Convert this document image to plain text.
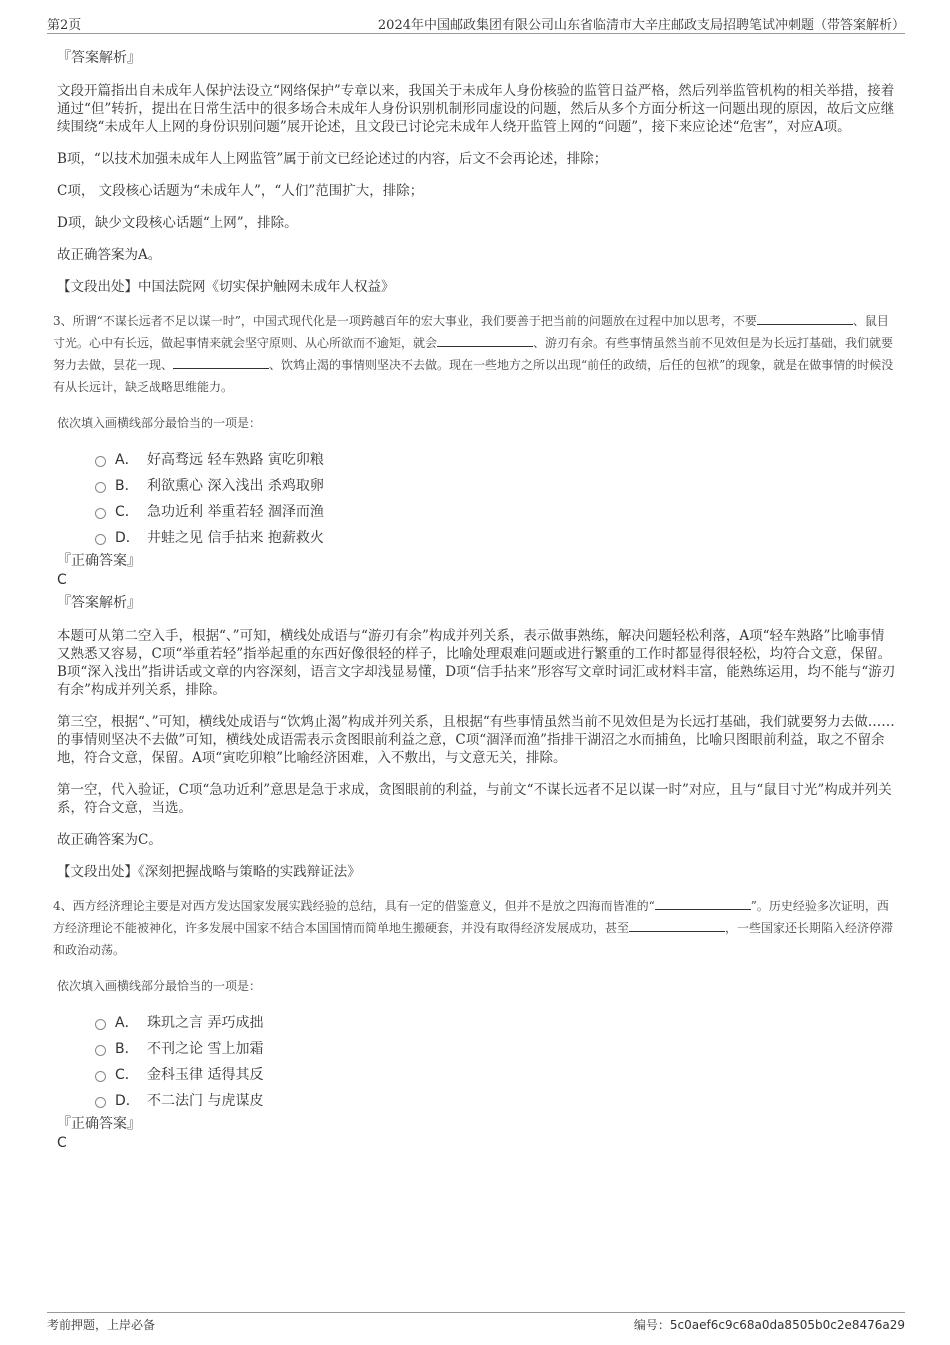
第2页	2024年中国邮政集团有限公司山东省临清市大辛庄邮政支局招聘笔试冲刺题（带答案解析）
『答案解析』
文段开篇指出自未成年人保护法设立“网络保护”专章以来，我国关于未成年人身份核验的监管日益严格，然后列举监管机构的相关举措，接着通过“但”转折，提出在日常生活中的很多场合未成年人身份识别机制形同虚设的问题，然后从多个方面分析这一问题出现的原因，故后文应继续围绕“未成年人上网的身份识别问题”展开论述，且文段已讨论完未成年人绕开监管上网的“问题”，接下来应论述“危害”，对应A项。
B项，“以技术加强未成年人上网监管”属于前文已经论述过的内容，后文不会再论述，排除；
C项， 文段核心话题为“未成年人”，“人们”范围扩大，排除；
D项，缺少文段核心话题“上网”，排除。
故正确答案为A。
【文段出处】中国法院网《切实保护触网未成年人权益》
3、所谓“不谋长远者不足以谋一时”，中国式现代化是一项跨越百年的宏大事业，我们要善于把当前的问题放在过程中加以思考，不要	、鼠目寸光。心中有长远，做起事情来就会坚守原则、从心所欲而不逾矩，就会	、游刃有余。有些事情虽然当前不见效但是为长远打基础，我们就要努力去做，昙花一现、	、饮鸩止渴的事情则坚决不去做。现在一些地方之所以出现“前任的政绩，后任的包袱”的现象，就是在做事情的时候没有从长远计，缺乏战略思维能力。
依次填入画横线部分最恰当的一项是：
A． 好高骛远 轻车熟路 寅吃卯粮
B． 利欲熏心 深入浅出 杀鸡取卵
C． 急功近利 举重若轻 涸泽而渔
D． 井蛙之见 信手拈来 抱薪救火
『正确答案』
C
『答案解析』
本题可从第二空入手，根据“、”可知，横线处成语与“游刃有余”构成并列关系，表示做事熟练，解决问题轻松利落，A项“轻车熟路”比喻事情又熟悉又容易，C项“举重若轻”指举起重的东西好像很轻的样子，比喻处理艰难问题或进行繁重的工作时都显得很轻松，均符合文意，保留。B项“深入浅出”指讲话或文章的内容深刻，语言文字却浅显易懂，D项“信手拈来”形容写文章时词汇或材料丰富，能熟练运用，均不能与“游刃有余”构成并列关系，排除。
第三空，根据“、”可知，横线处成语与“饮鸩止渴”构成并列关系，且根据“有些事情虽然当前不见效但是为长远打基础，我们就要努力去做……的事情则坚决不去做”可知，横线处成语需表示贪图眼前利益之意，C项“涸泽而渔”指排干湖沼之水而捕鱼，比喻只图眼前利益，取之不留余地，符合文意，保留。A项“寅吃卯粮”比喻经济困难，入不敷出，与文意无关，排除。
第一空，代入验证，C项“急功近利”意思是急于求成，贪图眼前的利益，与前文“不谋长远者不足以谋一时”对应，且与“鼠目寸光”构成并列关系，符合文意，当选。
故正确答案为C。
【文段出处】《深刻把握战略与策略的实践辩证法》
4、西方经济理论主要是对西方发达国家发展实践经验的总结，具有一定的借鉴意义，但并不是放之四海而皆准的“	”。历史经验多次证明，西方经济理论不能被神化，许多发展中国家不结合本国国情而简单地生搬硬套，并没有取得经济发展成功，甚至	，一些国家还长期陷入经济停滞和政治动荡。
依次填入画横线部分最恰当的一项是：
A． 珠玑之言 弄巧成拙
B． 不刊之论 雪上加霜
C． 金科玉律 适得其反
D． 不二法门 与虎谋皮
『正确答案』
C
考前押题，上岸必备	编号：5c0aef6c9c68a0da8505b0c2e8476a29
